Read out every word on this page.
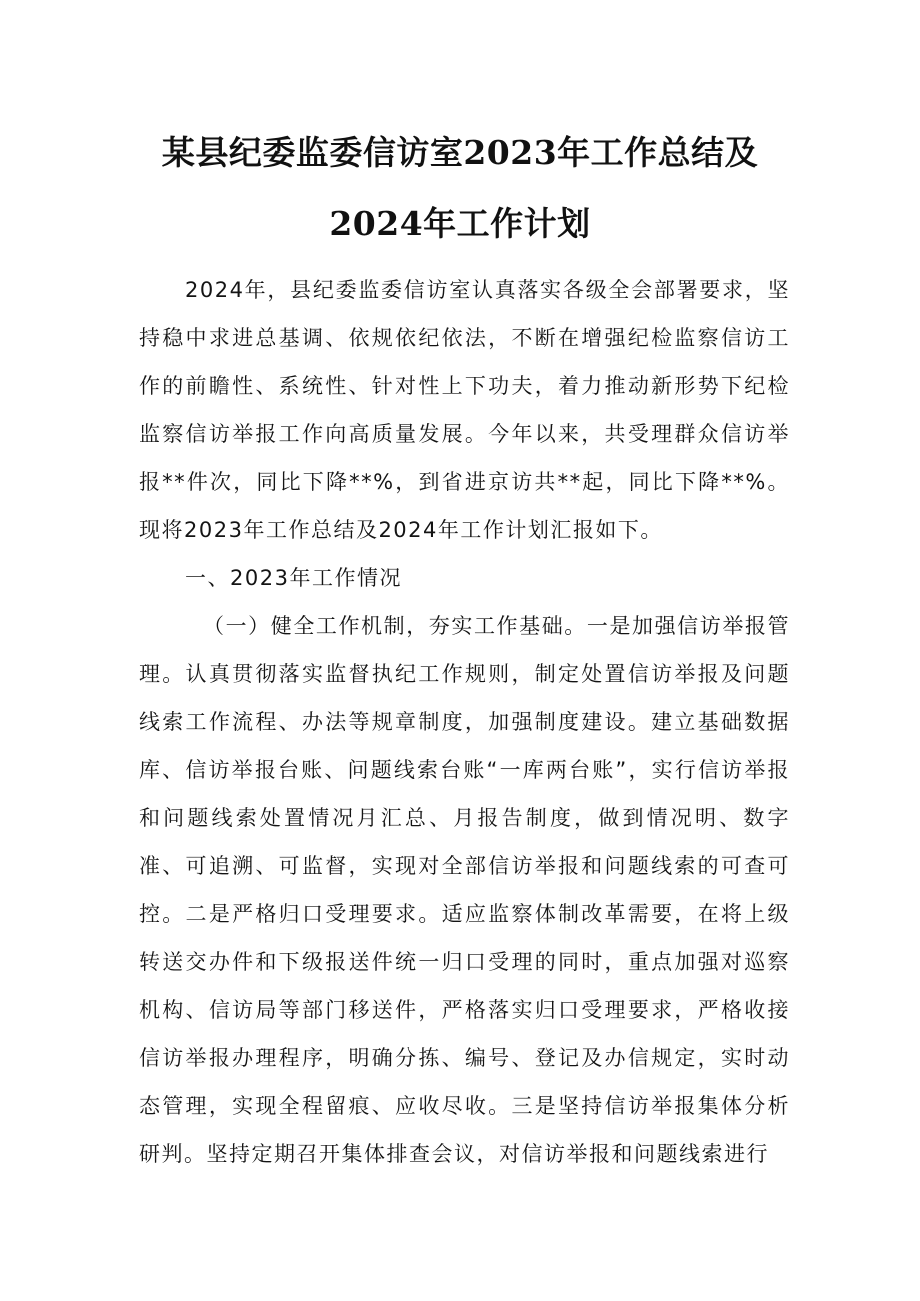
某县纪委监委信访室2023年工作总结及
2024年工作计划

2024年，县纪委监委信访室认真落实各级全会部署要求，坚持稳中求进总基调、依规依纪依法，不断在增强纪检监察信访工作的前瞻性、系统性、针对性上下功夫，着力推动新形势下纪检监察信访举报工作向高质量发展。今年以来，共受理群众信访举报**件次，同比下降**%，到省进京访共**起，同比下降**%。现将2023年工作总结及2024年工作计划汇报如下。

一、2023年工作情况

（一）健全工作机制，夯实工作基础。一是加强信访举报管理。认真贯彻落实监督执纪工作规则，制定处置信访举报及问题线索工作流程、办法等规章制度，加强制度建设。建立基础数据库、信访举报台账、问题线索台账“一库两台账”，实行信访举报和问题线索处置情况月汇总、月报告制度，做到情况明、数字准、可追溯、可监督，实现对全部信访举报和问题线索的可查可控。二是严格归口受理要求。适应监察体制改革需要，在将上级转送交办件和下级报送件统一归口受理的同时，重点加强对巡察机构、信访局等部门移送件，严格落实归口受理要求，严格收接信访举报办理程序，明确分拣、编号、登记及办信规定，实时动态管理，实现全程留痕、应收尽收。三是坚持信访举报集体分析研判。坚持定期召开集体排查会议，对信访举报和问题线索进行
